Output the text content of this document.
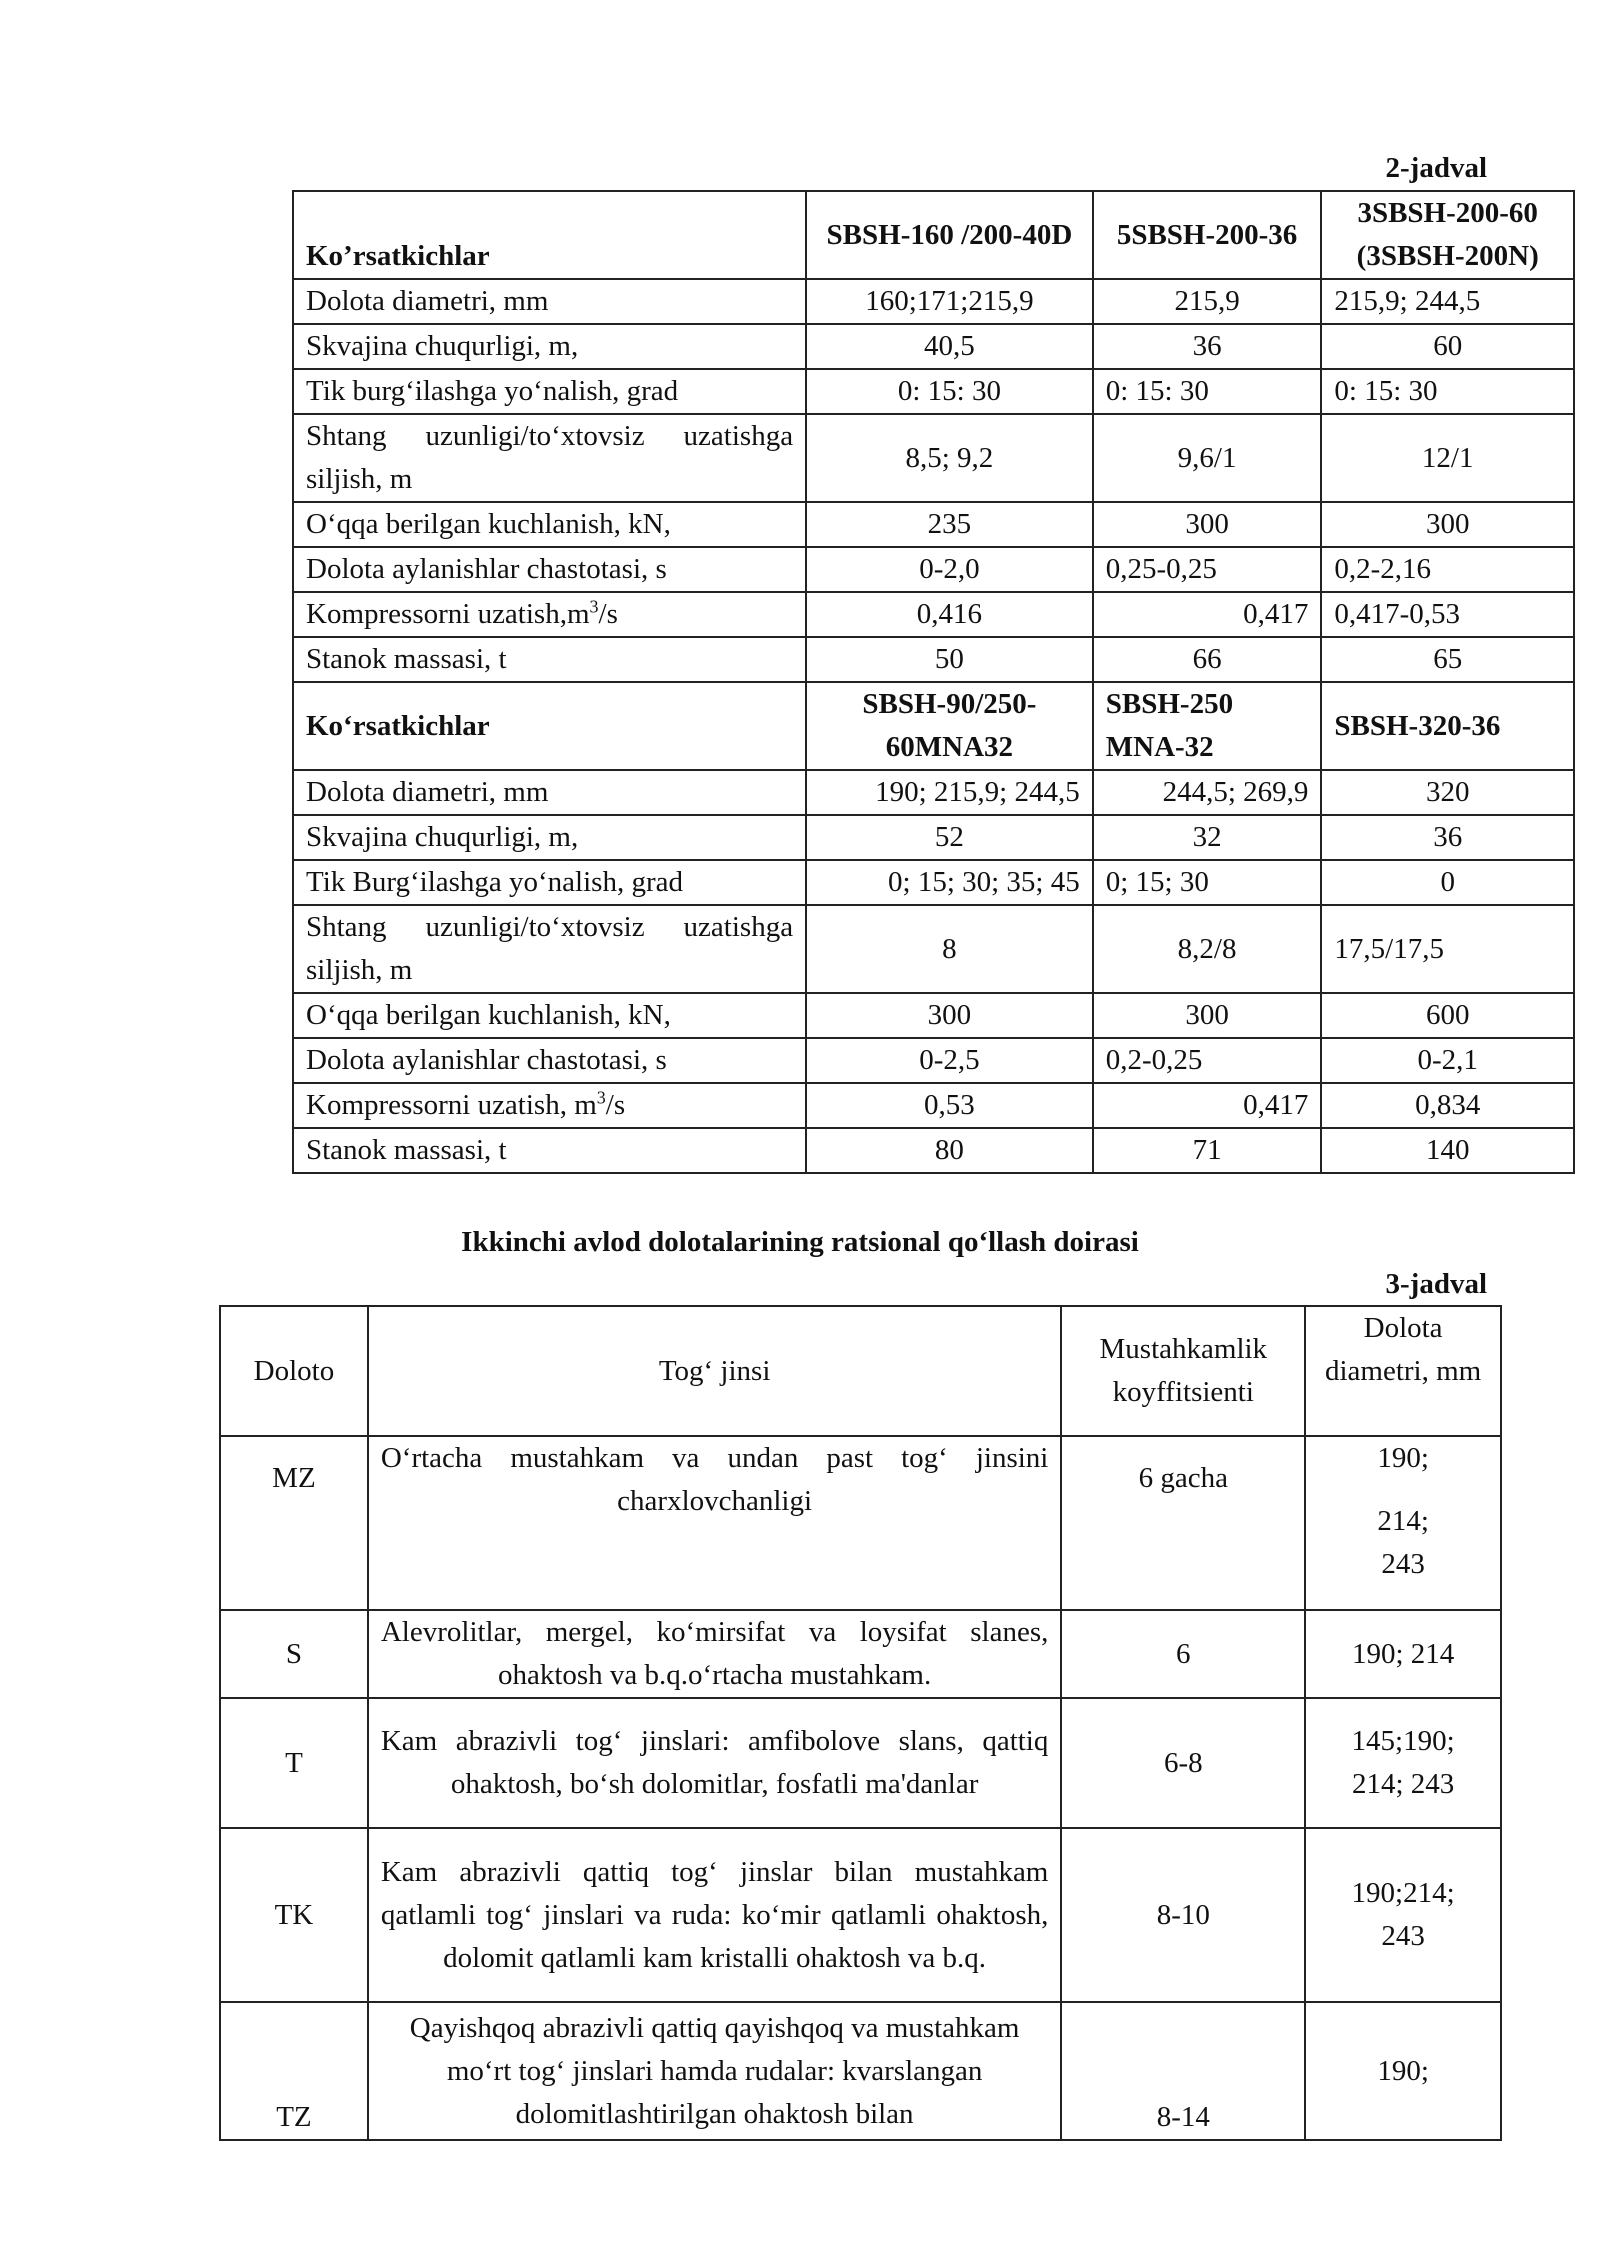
2-jadval
Ko’rsatkichlar	SBSH-160 /200-40D	5SBSH-200-36	3SBSH-200-60 (3SBSH-200N)
Dolota diametri, mm	160;171;215,9	215,9	215,9; 244,5
Skvajina chuqurligi, m,	40,5	36	60
Tik burg‘ilashga yo‘nalish, grad	0: 15: 30	0: 15: 30	0: 15: 30
Shtang uzunligi/to‘xtovsiz uzatishga siljish, m	8,5; 9,2	9,6/1	12/1
O‘qqa berilgan kuchlanish, kN,	235	300	300
Dolota aylanishlar chastotasi, s	0-2,0	0,25-0,25	0,2-2,16
Kompressorni $uzatish,m^3/s$	0,416	0,417	0,417-0,53
Stanok massasi, t	50	66	65
Ko‘rsatkichlar	SBSH-90/250-60MNA32	SBSH-250 MNA-32	SBSH-320-36
Dolota diametri, mm	190; 215,9; 244,5	244,5; 269,9	320
Skvajina chuqurligi, m,	52	32	36
Tik Burg‘ilashga yo‘nalish, grad	0; 15; 30; 35; 45	0; 15; 30	0
Shtang uzunligi/to‘xtovsiz uzatishga siljish, m	8	8,2/8	17,5/17,5
O‘qqa berilgan kuchlanish, kN,	300	300	600
Dolota aylanishlar chastotasi, s	0-2,5	0,2-0,25	0-2,1
Kompressorni uzatish, $m^3/s$	0,53	0,417	0,834
Stanok massasi, t	80	71	140
Ikkinchi avlod dolotalarining ratsional qo‘llash doirasi
3-jadval
Doloto	Tog‘ jinsi	Mustahkamlik koyffitsienti	Dolota diametri, mm
MZ	O‘rtacha mustahkam va undan past tog‘ jinsini charxlovchanligi	6 gacha	190;
214;
243

S	Alevrolitlar, mergel, ko‘mirsifat va loysifat slanes, ohaktosh va b.q.o‘rtacha mustahkam.	6	190; 214

T	Kam abrazivli tog‘ jinslari: amfibolove slans, qattiq ohaktosh, bo‘sh dolomitlar, fosfatli ma'danlar	6-8	145;190;
214; 243

TK	Kam abrazivli qattiq tog‘ jinslar bilan mustahkam qatlamli tog‘ jinslari va ruda: ko‘mir qatlamli ohaktosh, dolomit qatlamli kam kristalli ohaktosh va b.q.	8-10	190;214;
243

TZ	Qayishqoq abrazivli qattiq qayishqoq va mustahkam mo‘rt tog‘ jinslari hamda rudalar: kvarslangan dolomitlashtirilgan ohaktosh bilan	8-14	190;
